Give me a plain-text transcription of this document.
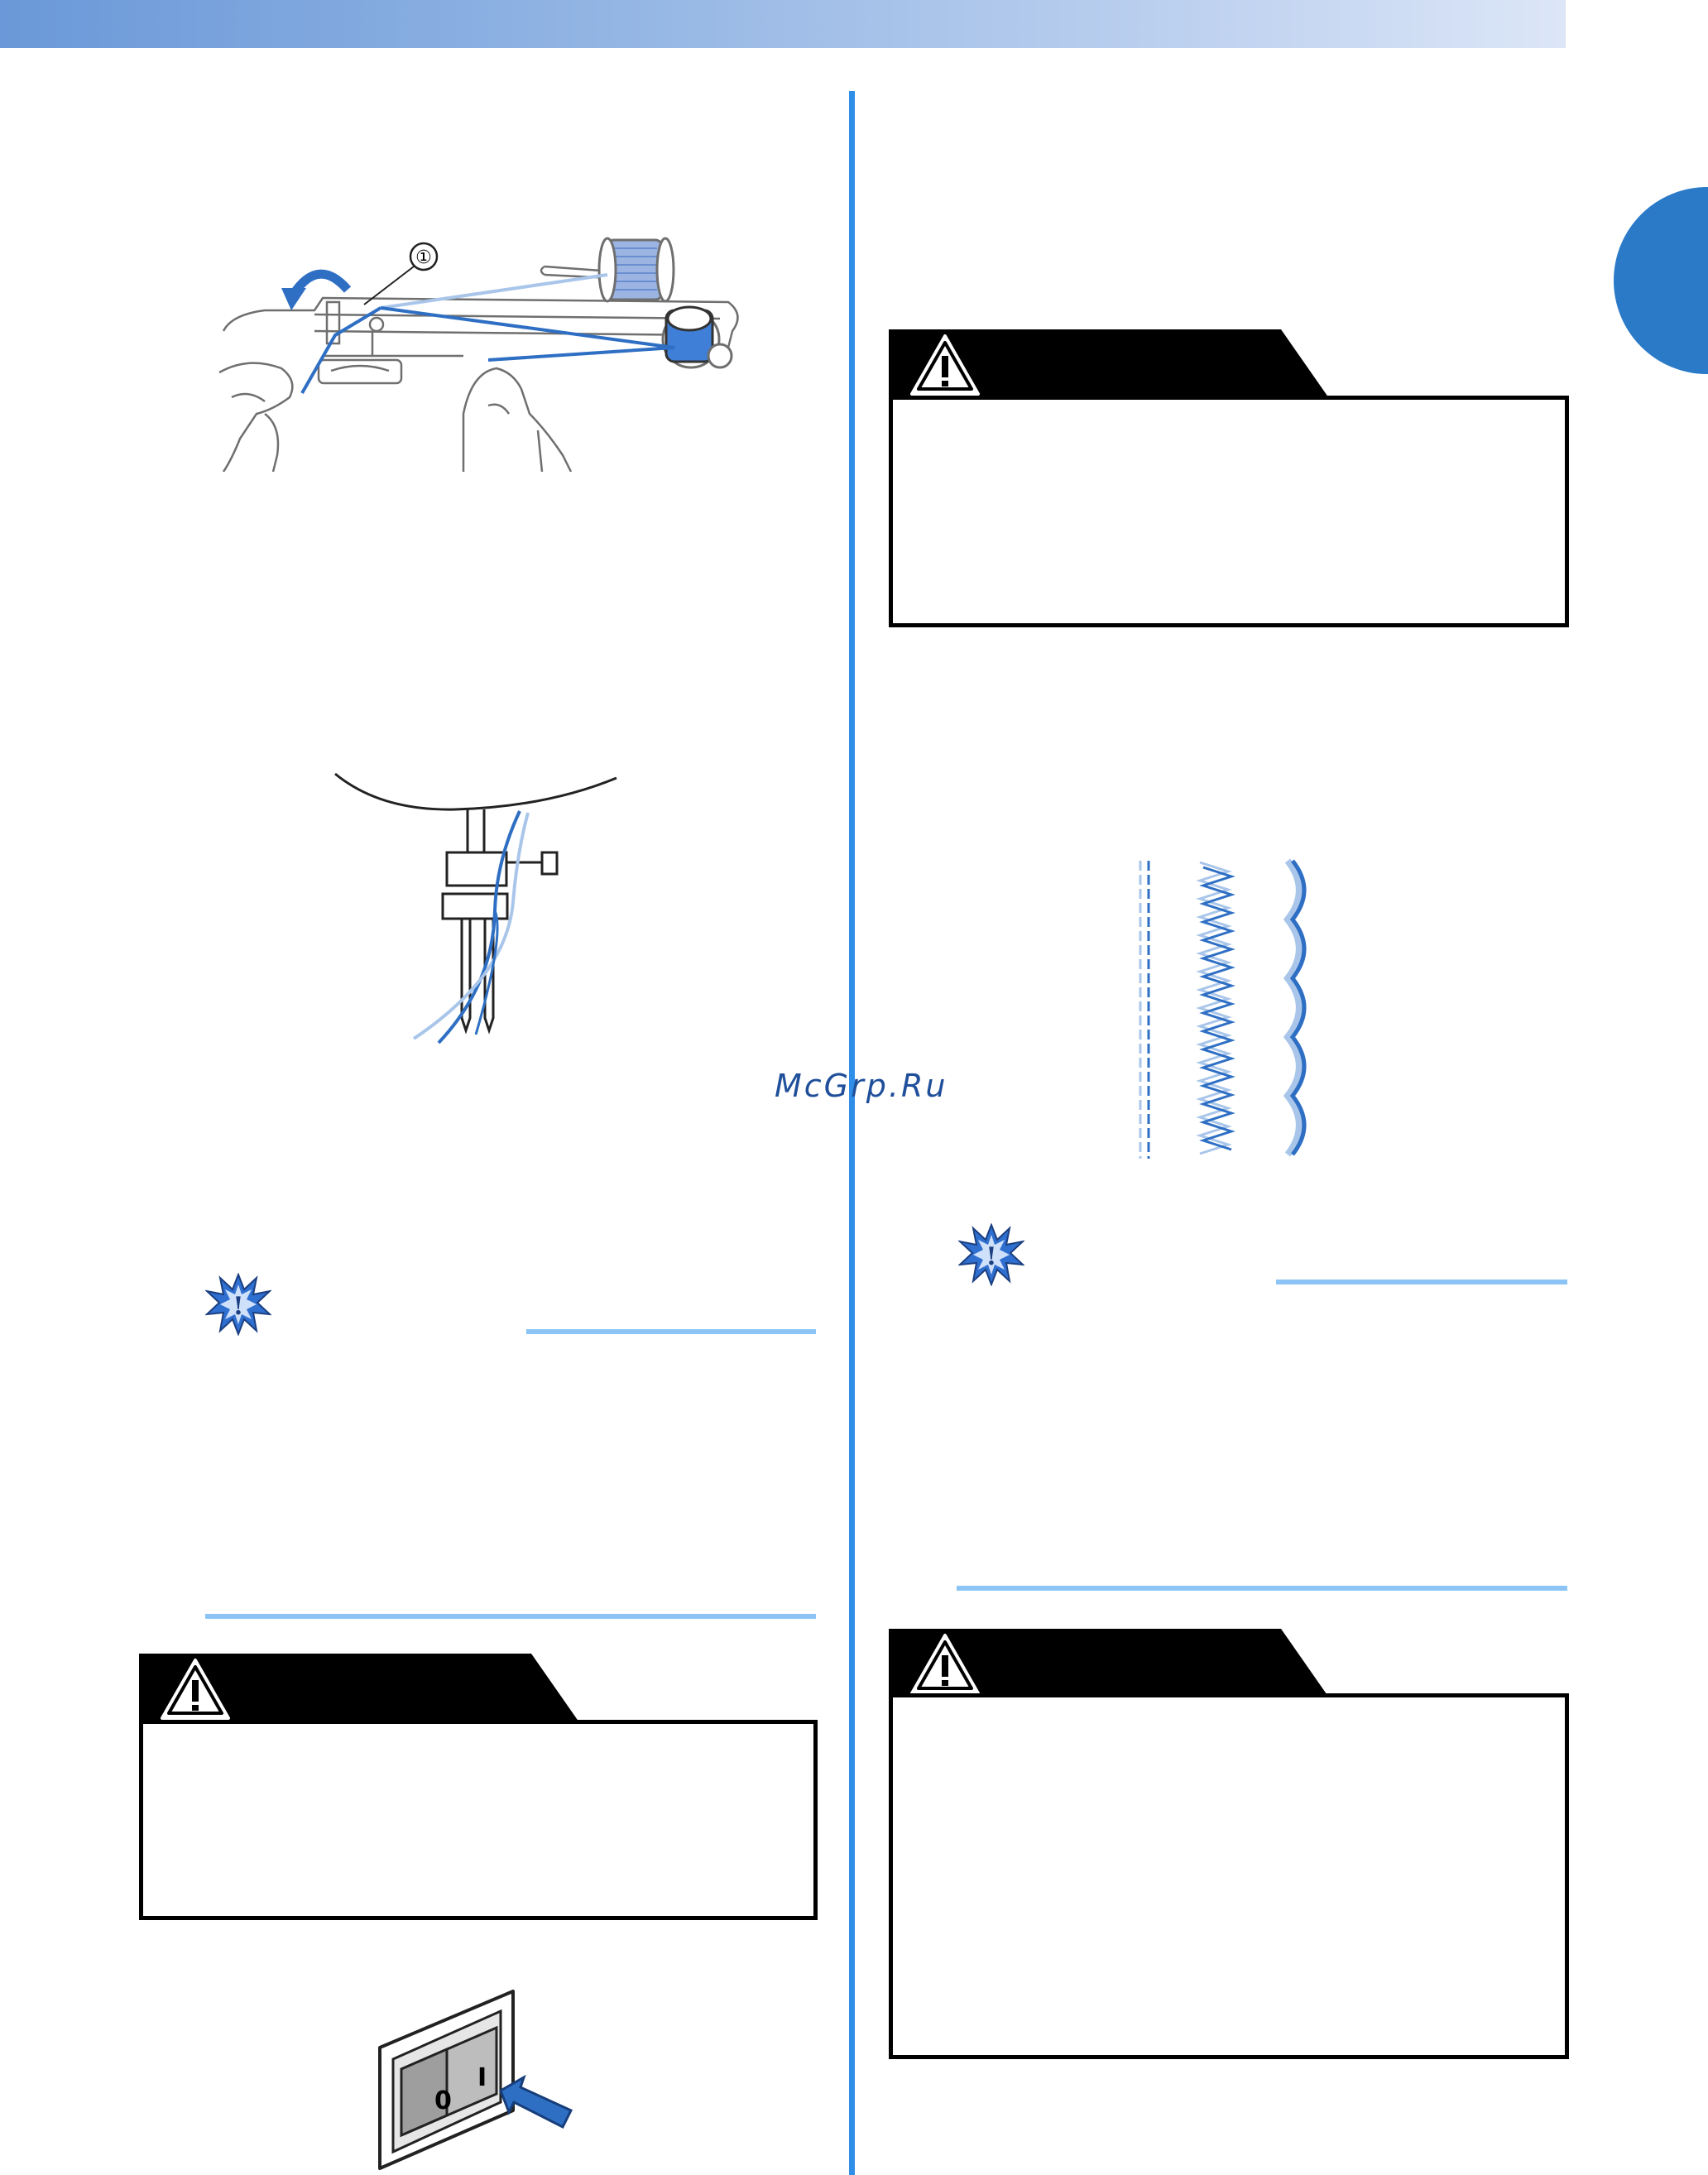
①
McGrp.Ru
!
0
I
!
